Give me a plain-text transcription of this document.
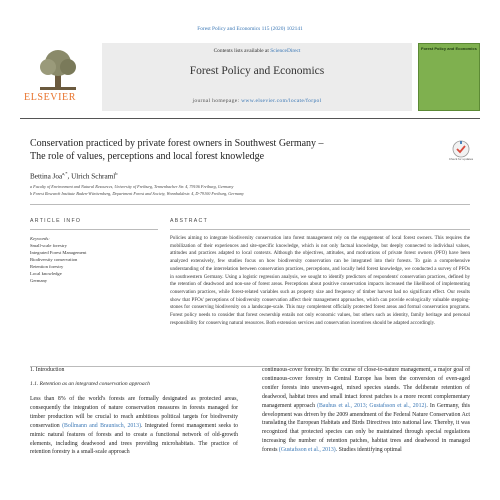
Forest Policy and Economics 115 (2020) 102141
ELSEVIER
Contents lists available at ScienceDirect
Forest Policy and Economics
journal homepage: www.elsevier.com/locate/forpol
Forest Policy and Economics
Conservation practiced by private forest owners in Southwest Germany –
The role of values, perceptions and local forest knowledge	Check for updates
Bettina Joa$^{a,*}$, Ulrich Schraml$^b$
a Faculty of Environment and Natural Resources, University of Freiburg, Tennenbacher Str. 4, 79106 Freiburg, Germany
b Forest Research Institute Baden-Württemberg, Department Forest and Society, Wonnhaldestr. 4, D-79100 Freiburg, Germany
ARTICLE INFO	ABSTRACT
Keywords:
Small-scale forestry
Integrated Forest Management
Biodiversity conservation
Retention forestry
Local knowledge
Germany
Policies aiming to integrate biodiversity conservation into forest management rely on the engagement of local forest owners. This requires the mobilization of their experiences and site-specific knowledge, which is not only factual knowledge, but deeply connected to individual values, attitudes and practices adapted to local contexts. Although the objectives, attitudes, and motivations of private forest owners (PFO) have been analyzed extensively, few studies focus on how biodiversity conservation can be integrated into their forests. To gain a comprehensive understanding of the interrelation between conservation practices, perceptions, and locally held forest knowledge, we conducted a survey of PFOs in southwestern Germany. Using a logistic regression analysis, we sought to identify predictors of respondents' conservation practices, defined by the retention of deadwood and non-use of forest areas. Perceptions about positive conservation impacts increased the likelihood of implementing conservation practices, while forest-related variables such as property size and frequency of timber harvest had no significant effect. Our results show that PFOs' perceptions of biodiversity conservation affect their management approaches, which can provide ecologically valuable stepping-stones for conserving biodiversity on a landscape-scale. This may complement officially protected forest areas and formal conservation programs. Forest policy needs to consider that forest ownership entails not only economic values, but others such as identity, family heritage and personal responsibility for conserving natural resources. Both extension services and conservation incentives should be adapted accordingly.
1. Introduction
1.1. Retention as an integrated conservation approach
Less than 8% of the world's forests are formally designated as protected areas, consequently the integration of nature conservation measures in forests managed for timber production will be crucial to reach ambitious political targets for biodiversity conservation (Bollmann and Braunisch, 2013). Integrated forest management seeks to mimic natural features of forests and to create a functional network of old-growth elements, including deadwood and trees providing microhabitats. The practice of retention forestry is a small-scale approach
continuous-cover forestry. In the course of close-to-nature management, a major goal of continuous-cover forestry in Central Europe has been the conversion of even-aged conifer forests into uneven-aged, mixed species stands. The deliberate retention of deadwood, habitat trees and small intact forest patches is a more recent complementary management approach (Bauhus et al., 2013; Gustafsson et al., 2012). In Germany, this development was driven by the 2009 amendment of the Federal Nature Conservation Act translating the European Habitats and Birds Directives into national law. Thereby, it was recognized that protected species can only be maintained through special regulations increasing the number of retention patches, habitat trees and deadwood in managed forests (Gustafsson et al., 2013). Studies identifying optimal
